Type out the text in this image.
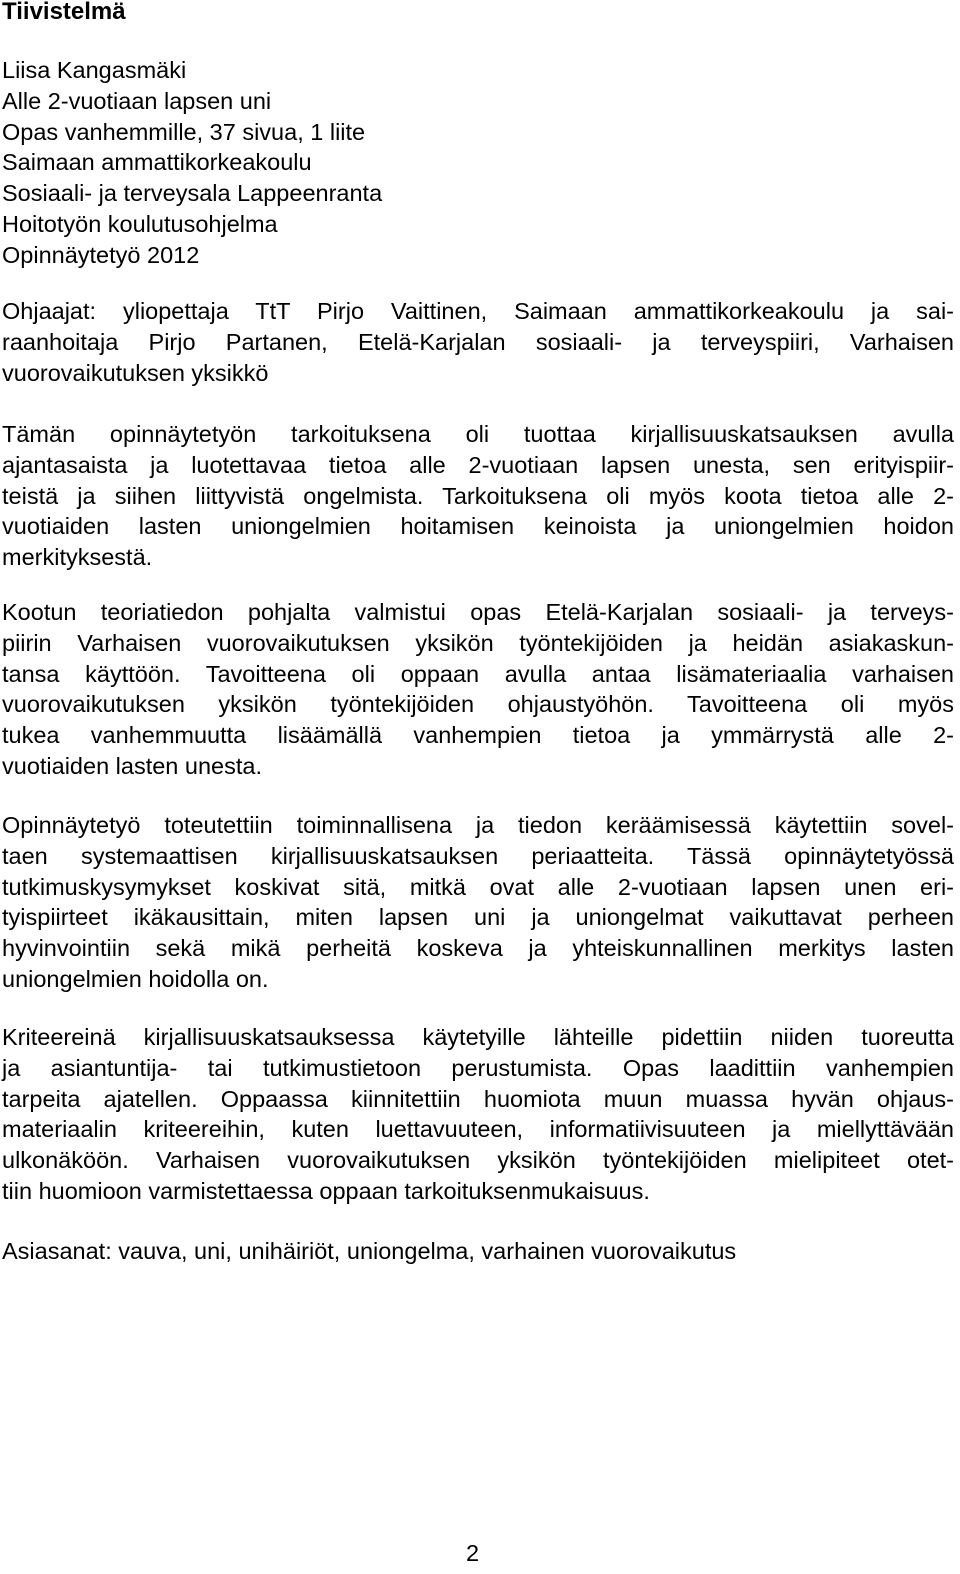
Tiivistelmä
Liisa Kangasmäki
Alle 2-vuotiaan lapsen uni
Opas vanhemmille, 37 sivua, 1 liite
Saimaan ammattikorkeakoulu
Sosiaali- ja terveysala Lappeenranta
Hoitotyön koulutusohjelma
Opinnäytetyö 2012

Ohjaajat: yliopettaja TtT Pirjo Vaittinen, Saimaan ammattikorkeakoulu ja sai-
raanhoitaja Pirjo Partanen, Etelä-Karjalan sosiaali- ja terveyspiiri, Varhaisen
vuorovaikutuksen yksikkö

Tämän opinnäytetyön tarkoituksena oli tuottaa kirjallisuuskatsauksen avulla
ajantasaista ja luotettavaa tietoa alle 2-vuotiaan lapsen unesta, sen erityispiir-
teistä ja siihen liittyvistä ongelmista. Tarkoituksena oli myös koota tietoa alle 2-
vuotiaiden lasten uniongelmien hoitamisen keinoista ja uniongelmien hoidon
merkityksestä.

Kootun teoriatiedon pohjalta valmistui opas Etelä-Karjalan sosiaali- ja terveys-
piirin Varhaisen vuorovaikutuksen yksikön työntekijöiden ja heidän asiakaskun-
tansa käyttöön. Tavoitteena oli oppaan avulla antaa lisämateriaalia varhaisen
vuorovaikutuksen yksikön työntekijöiden ohjaustyöhön. Tavoitteena oli myös
tukea vanhemmuutta lisäämällä vanhempien tietoa ja ymmärrystä alle 2-
vuotiaiden lasten unesta.

Opinnäytetyö toteutettiin toiminnallisena ja tiedon keräämisessä käytettiin sovel-
taen systemaattisen kirjallisuuskatsauksen periaatteita. Tässä opinnäytetyössä
tutkimuskysymykset koskivat sitä, mitkä ovat alle 2-vuotiaan lapsen unen eri-
tyispiirteet ikäkausittain, miten lapsen uni ja uniongelmat vaikuttavat perheen
hyvinvointiin sekä mikä perheitä koskeva ja yhteiskunnallinen merkitys lasten
uniongelmien hoidolla on.

Kriteereinä kirjallisuuskatsauksessa käytetyille lähteille pidettiin niiden tuoreutta
ja asiantuntija- tai tutkimustietoon perustumista. Opas laadittiin vanhempien
tarpeita ajatellen. Oppaassa kiinnitettiin huomiota muun muassa hyvän ohjaus-
materiaalin kriteereihin, kuten luettavuuteen, informatiivisuuteen ja miellyttävään
ulkonäköön. Varhaisen vuorovaikutuksen yksikön työntekijöiden mielipiteet otet-
tiin huomioon varmistettaessa oppaan tarkoituksenmukaisuus.

Asiasanat: vauva, uni, unihäiriöt, uniongelma, varhainen vuorovaikutus

2
